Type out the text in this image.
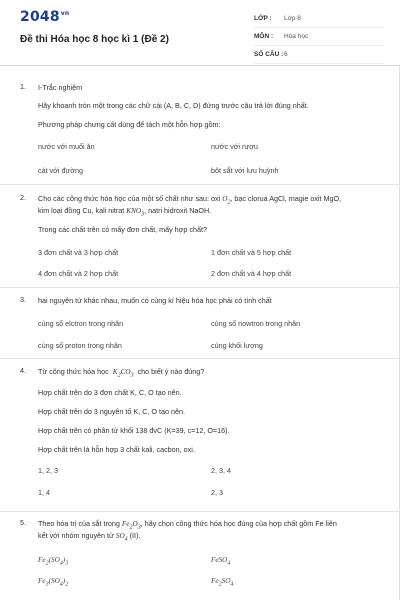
$2048^{vn}$
Đề thi Hóa học 8 học kì 1 (Đề 2)
LỚP :	Lớp 8
MÔN :	Hóa học
SỐ CÂU : 6
1. I-Trắc nghiệm
Hãy khoanh tròn một trong các chữ cái (A, B, C, D) đứng trước câu trả lời đúng nhất.
Phương pháp chưng cất dùng để tách một hỗn hợp gồm:
nước với muối ăn	nước với rượu
cát với đường	bột sắt với lưu huỳnh
2. Cho các công thức hóa học của một số chất như sau: oxi $O_2$, bạc clorua AgCl, magie oxit MgO,
kim loại đồng Cu, kali nitrat $KNO_3$, natri hidroxit NaOH.
Trong các chất trên có mấy đơn chất, mấy hợp chất?
3 đơn chất và 3 hợp chất	1 đơn chất và 5 hợp chất
4 đơn chất và 2 hợp chất	2 đơn chất và 4 hợp chất
3. hai nguyên tử khác nhau, muốn có cùng kí hiệu hóa học phải có tính chất
cùng số elctron trong nhân	cùng số nowtron trong nhân
cùng số proton trong nhân	cùng khối lượng
4. Từ công thức hóa học $K_2CO_3$ cho biết ý nào đúng?
Hợp chất trên do 3 đơn chất K, C, O tạo nên.
Hợp chất trên do 3 nguyên tố K, C, O tạo nên.
Hợp chất trên có phân tử khối 138 đvC (K=39, c=12, O=16).
Hợp chất trên là hỗn hợp 3 chất kali, cacbon, oxi.
1, 2, 3	2, 3, 4
1, 4	2, 3
5. Theo hóa trị của sắt trong $Fe_2O_3$, hãy chọn công thức hóa học đúng của hợp chất gồm Fe liên
kết với nhóm nguyên tử $SO_4$ (II).
$Fe_2(SO_4)_3$	FeSO$_4$
$Fe_3(SO_4)_2$	$Fe_2SO_4$
